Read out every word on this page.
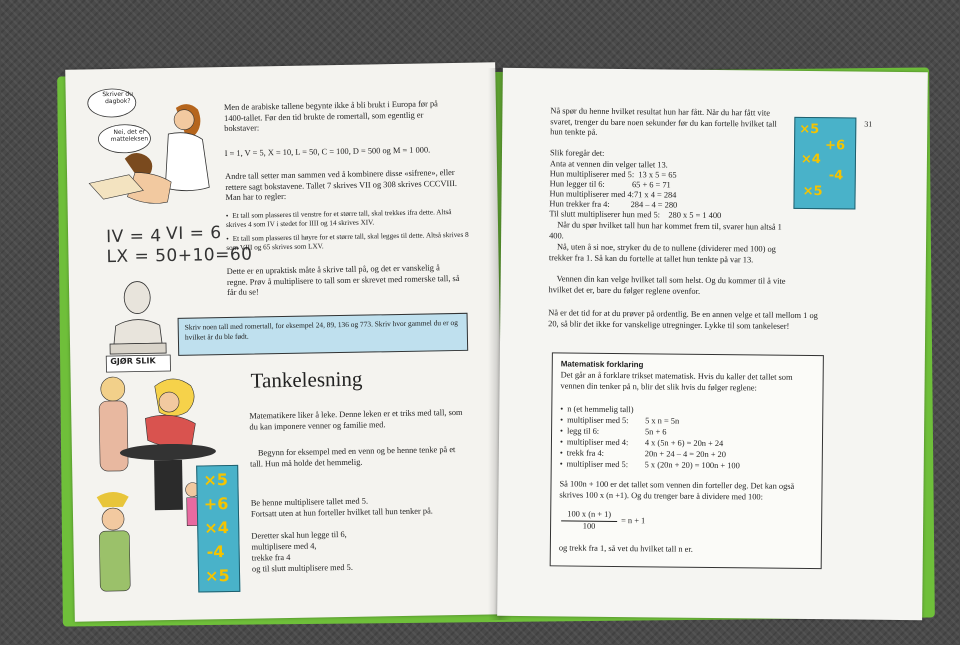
Skriver du dagbok?
Nei, det er matteleksen
IV = 4 VI = 6
LX = 50+10=60
Men de arabiske tallene begynte ikke å bli brukt i Europa før på 1400-tallet. Før den tid brukte de romertall, som egentlig er bokstaver:
I = 1, V = 5, X = 10, L = 50, C = 100, D = 500 og M = 1 000.
Andre tall setter man sammen ved å kombinere disse «sifrene», eller rettere sagt bokstavene. Tallet 7 skrives VII og 308 skrives CCCVIII. Man har to regler:
• Et tall som plasseres til venstre for et større tall, skal trekkes ifra dette. Altså skrives 4 som IV i stedet for IIII og 14 skrives XIV.
• Et tall som plasseres til høyre for et større tall, skal legges til dette. Altså skrives 8 som VIII og 65 skrives som LXV.
Dette er en upraktisk måte å skrive tall på, og det er vanskelig å regne. Prøv å multiplisere to tall som er skrevet med romerske tall, så får du se!
GJØR SLIK
Skriv noen tall med romertall, for eksempel 24, 89, 136 og 773. Skriv hvor gammel du er og hvilket år du ble født.
Tankelesning
×5
+6
×4
-4
×5
Matematikere liker å leke. Denne leken er et triks med tall, som du kan imponere venner og familie med.
Begynn for eksempel med en venn og be henne tenke på et tall. Hun må holde det hemmelig.
Be henne multiplisere tallet med 5.
Fortsatt uten at hun forteller hvilket tall hun tenker på.
Deretter skal hun legge til 6,
multiplisere med 4,
trekke fra 4
og til slutt multiplisere med 5.
31
×5
+6
×4
-4
×5
Nå spør du henne hvilket resultat hun har fått. Når du har fått vite svaret, trenger du bare noen sekunder før du kan fortelle hvilket tall hun tenkte på.
Slik foregår det:
Anta at vennen din velger tallet 13.
Hun multipliserer med 5:  13 x 5 = 65
Hun legger til 6:             65 + 6 = 71
Hun multipliserer med 4:71 x 4 = 284
Hun trekker fra 4:          284 – 4 = 280
Til slutt multipliserer hun med 5:    280 x 5 = 1 400
Når du spør hvilket tall hun har kommet frem til, svarer hun altså 1 400.
Nå, uten å si noe, stryker du de to nullene (dividerer med 100) og trekker fra 1. Så kan du fortelle at tallet hun tenkte på var 13.
Vennen din kan velge hvilket tall som helst. Og du kommer til å vite hvilket det er, bare du følger reglene ovenfor.
Nå er det tid for at du prøver på ordentlig. Be en annen velge et tall mellom 1 og 20, så blir det ikke for vanskelige utregninger. Lykke til som tankeleser!
Matematisk forklaring
Det går an å forklare trikset matematisk. Hvis du kaller det tallet som vennen din tenker på n, blir det slik hvis du følger reglene:
• n (et hemmelig tall)
• multipliser med 5: 5 x n = 5n
• legg til 6:	5n + 6
• multipliser med 4: 4 x (5n + 6) = 20n + 24
• trekk fra 4:	20n + 24 – 4 = 20n + 20
• multipliser med 5: 5 x (20n + 20) = 100n + 100
Så 100n + 100 er det tallet som vennen din forteller deg. Det kan også skrives 100 x (n +1). Og du trenger bare å dividere med 100:
100 x (n + 1)
100
= n + 1
og trekk fra 1, så vet du hvilket tall n er.
